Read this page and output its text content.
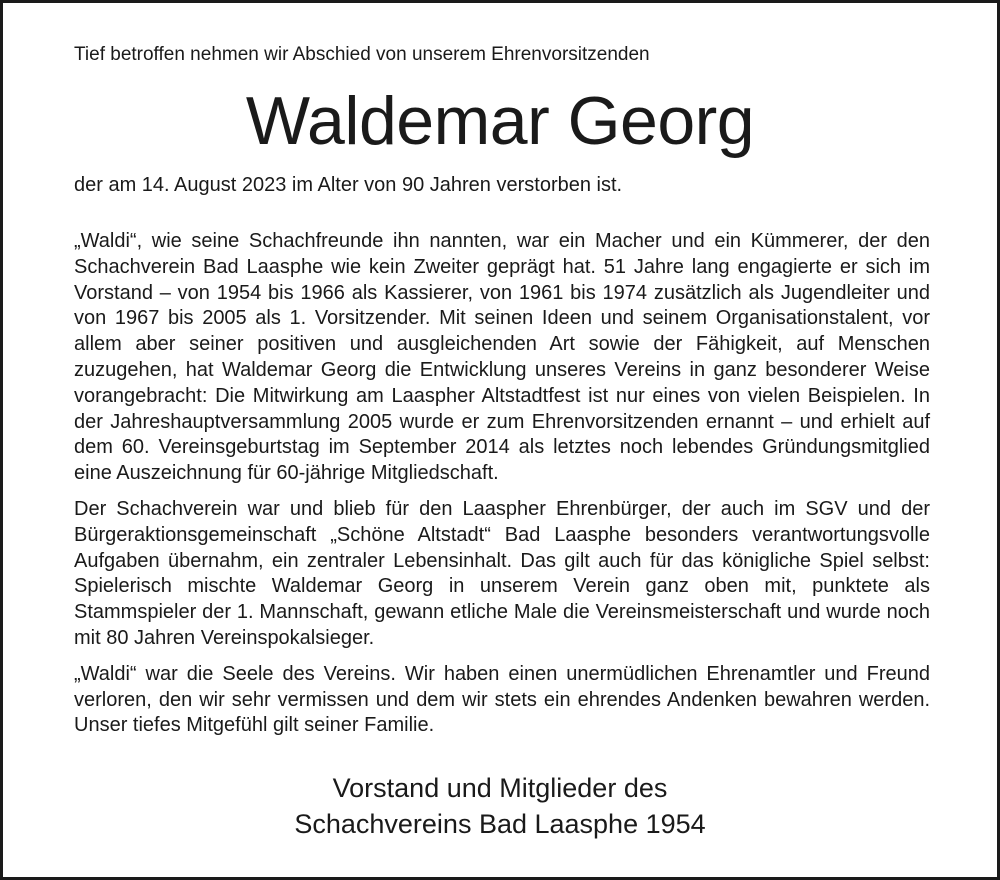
Tief betroffen nehmen wir Abschied von unserem Ehrenvorsitzenden
Waldemar Georg
der am 14. August 2023 im Alter von 90 Jahren verstorben ist.

„Waldi“, wie seine Schachfreunde ihn nannten, war ein Macher und ein Kümmerer, der den Schachverein Bad Laasphe wie kein Zweiter geprägt hat. 51 Jahre lang engagierte er sich im Vorstand – von 1954 bis 1966 als Kassierer, von 1961 bis 1974 zusätzlich als Jugendleiter und von 1967 bis 2005 als 1. Vorsitzender. Mit seinen Ideen und seinem Organisationstalent, vor allem aber seiner positiven und ausgleichenden Art sowie der Fähigkeit, auf Menschen zuzugehen, hat Waldemar Georg die Entwicklung unseres Vereins in ganz besonderer Weise vorangebracht: Die Mitwirkung am Laaspher Altstadtfest ist nur eines von vielen Beispielen. In der Jahreshauptversammlung 2005 wurde er zum Ehrenvorsitzenden ernannt – und erhielt auf dem 60. Vereinsgeburtstag im September 2014 als letztes noch lebendes Gründungsmitglied eine Auszeichnung für 60-jährige Mitgliedschaft.

Der Schachverein war und blieb für den Laaspher Ehrenbürger, der auch im SGV und der Bürgeraktionsgemeinschaft „Schöne Altstadt“ Bad Laasphe besonders verantwortungsvolle Aufgaben übernahm, ein zentraler Lebensinhalt. Das gilt auch für das königliche Spiel selbst: Spielerisch mischte Waldemar Georg in unserem Verein ganz oben mit, punktete als Stammspieler der 1. Mannschaft, gewann etliche Male die Vereinsmeisterschaft und wurde noch mit 80 Jahren Vereinspokalsieger.

„Waldi“ war die Seele des Vereins. Wir haben einen unermüdlichen Ehrenamtler und Freund verloren, den wir sehr vermissen und dem wir stets ein ehrendes Andenken bewahren werden. Unser tiefes Mitgefühl gilt seiner Familie.

Vorstand und Mitglieder des
Schachvereins Bad Laasphe 1954
